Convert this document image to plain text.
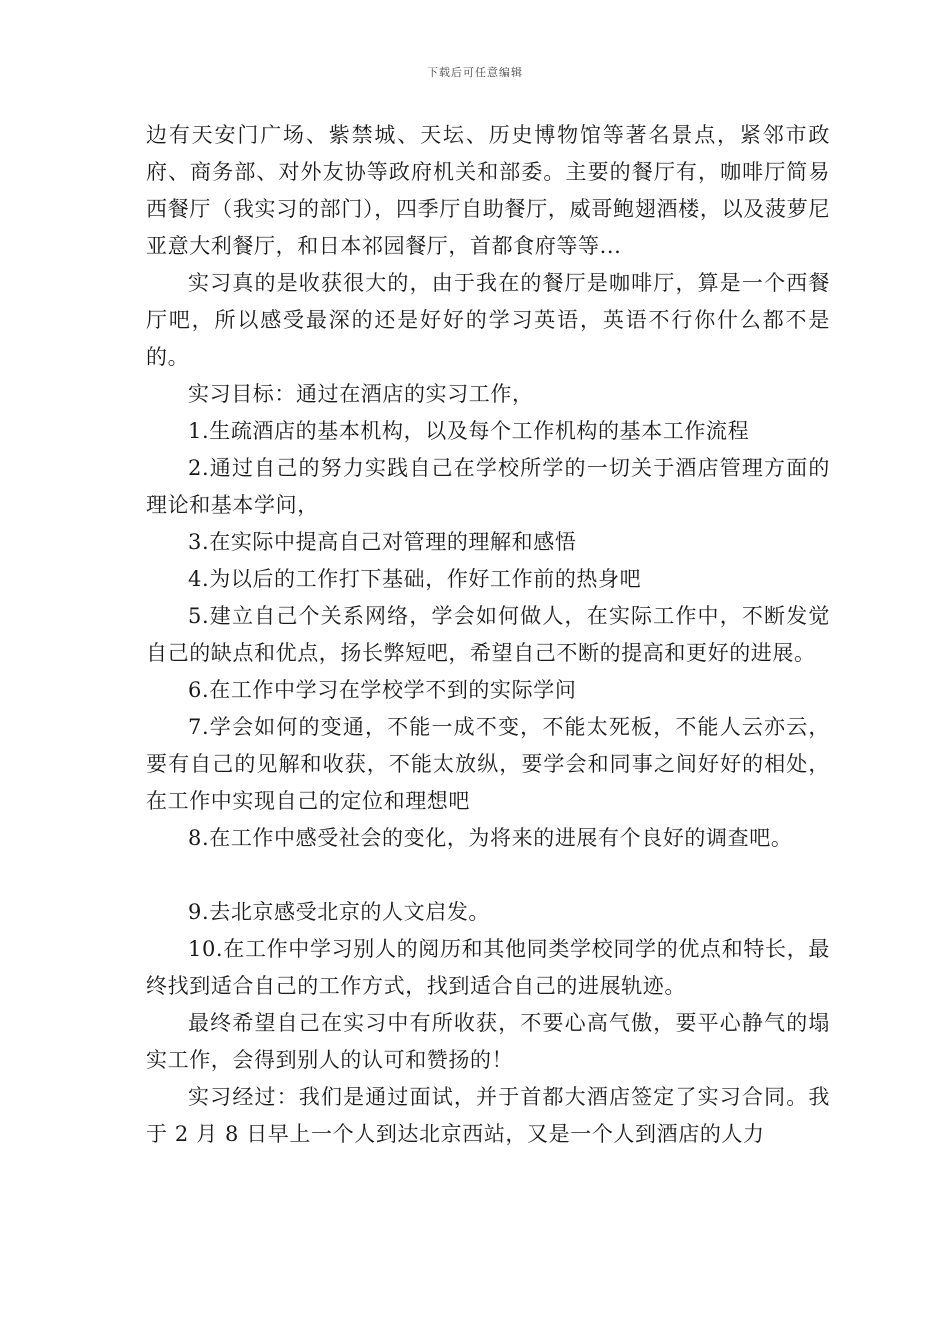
下载后可任意编辑

边有天安门广场、紫禁城、天坛、历史博物馆等著名景点，紧邻市政府、商务部、对外友协等政府机关和部委。主要的餐厅有，咖啡厅简易西餐厅（我实习的部门），四季厅自助餐厅，威哥鲍翅酒楼，以及菠萝尼亚意大利餐厅，和日本祁园餐厅，首都食府等等...

实习真的是收获很大的，由于我在的餐厅是咖啡厅，算是一个西餐厅吧，所以感受最深的还是好好的学习英语，英语不行你什么都不是的。

实习目标：通过在酒店的实习工作，

1.生疏酒店的基本机构，以及每个工作机构的基本工作流程

2.通过自己的努力实践自己在学校所学的一切关于酒店管理方面的理论和基本学问，

3.在实际中提高自己对管理的理解和感悟

4.为以后的工作打下基础，作好工作前的热身吧

5.建立自己个关系网络，学会如何做人，在实际工作中，不断发觉自己的缺点和优点，扬长弊短吧，希望自己不断的提高和更好的进展。

6.在工作中学习在学校学不到的实际学问

7.学会如何的变通，不能一成不变，不能太死板，不能人云亦云，要有自己的见解和收获，不能太放纵，要学会和同事之间好好的相处，在工作中实现自己的定位和理想吧

8.在工作中感受社会的变化，为将来的进展有个良好的调查吧。

9.去北京感受北京的人文启发。

10.在工作中学习别人的阅历和其他同类学校同学的优点和特长，最终找到适合自己的工作方式，找到适合自己的进展轨迹。

最终希望自己在实习中有所收获，不要心高气傲，要平心静气的塌实工作，会得到别人的认可和赞扬的！

实习经过：我们是通过面试，并于首都大酒店签定了实习合同。我于 2 月 8 日早上一个人到达北京西站，又是一个人到酒店的人力
